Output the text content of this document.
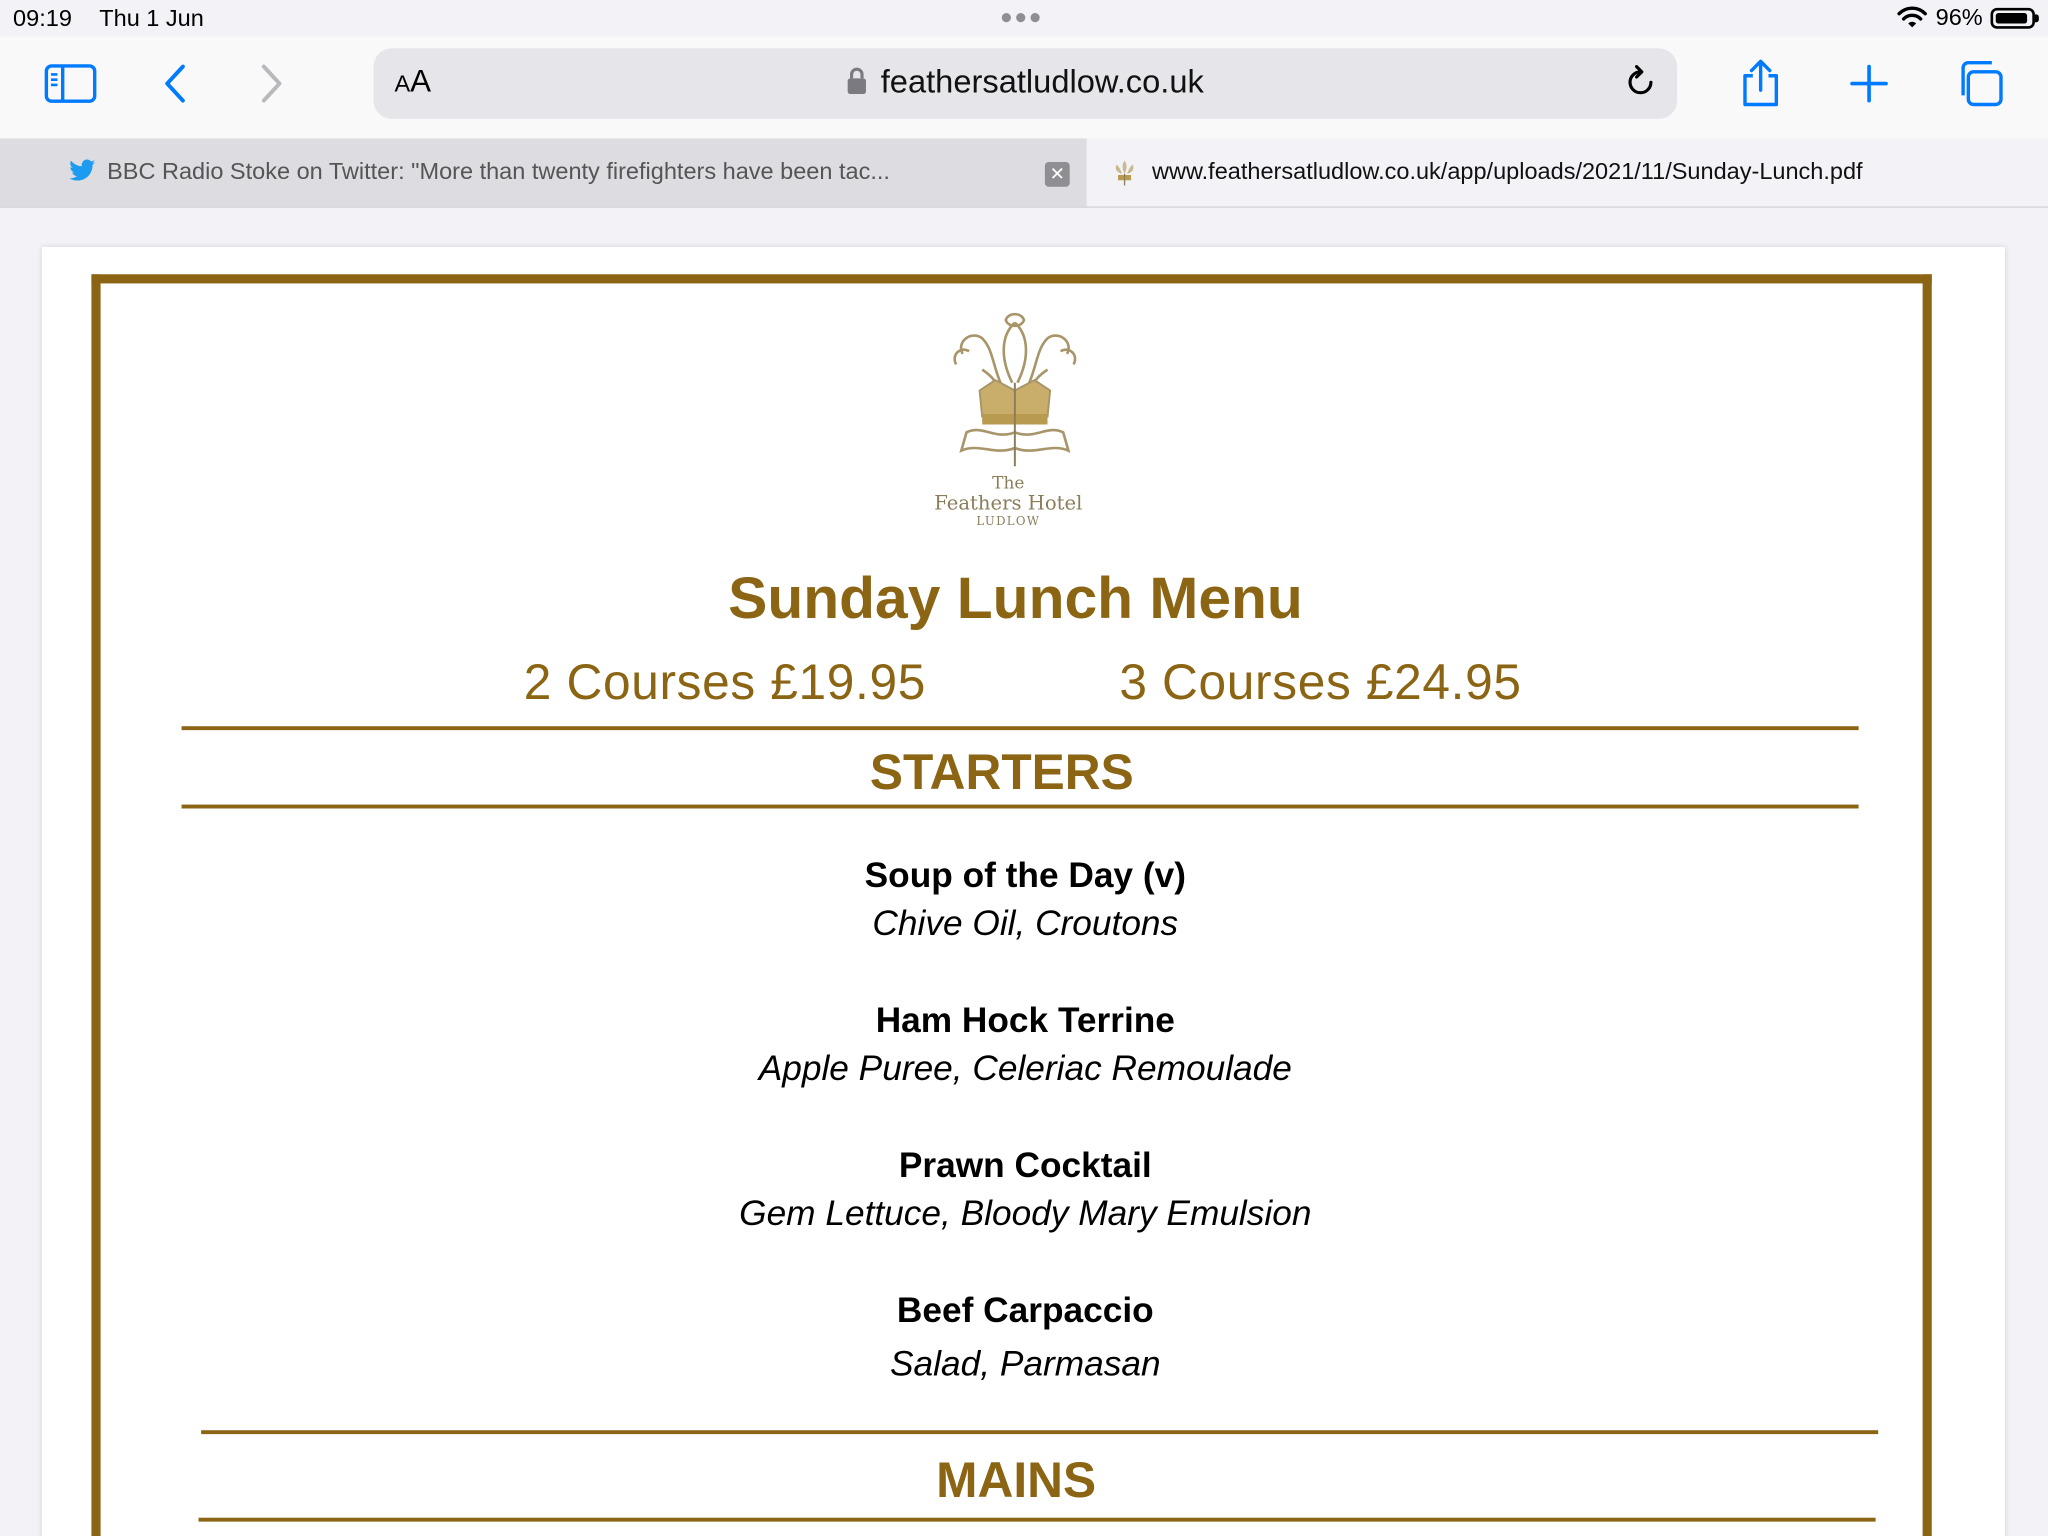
09:19 Thu 1 Jun	96%
AA	feathersatludlow.co.uk
BBC Radio Stoke on Twitter: "More than twenty firefighters have been tac...	www.feathersatludlow.co.uk/app/uploads/2021/11/Sunday-Lunch.pdf
✕
The
Feathers Hotel
LUDLOW
Sunday Lunch Menu
2 Courses £19.95	3 Courses £24.95
STARTERS
Soup of the Day (v)
Chive Oil, Croutons
Ham Hock Terrine
Apple Puree, Celeriac Remoulade
Prawn Cocktail
Gem Lettuce, Bloody Mary Emulsion
Beef Carpaccio
Salad, Parmasan
MAINS
